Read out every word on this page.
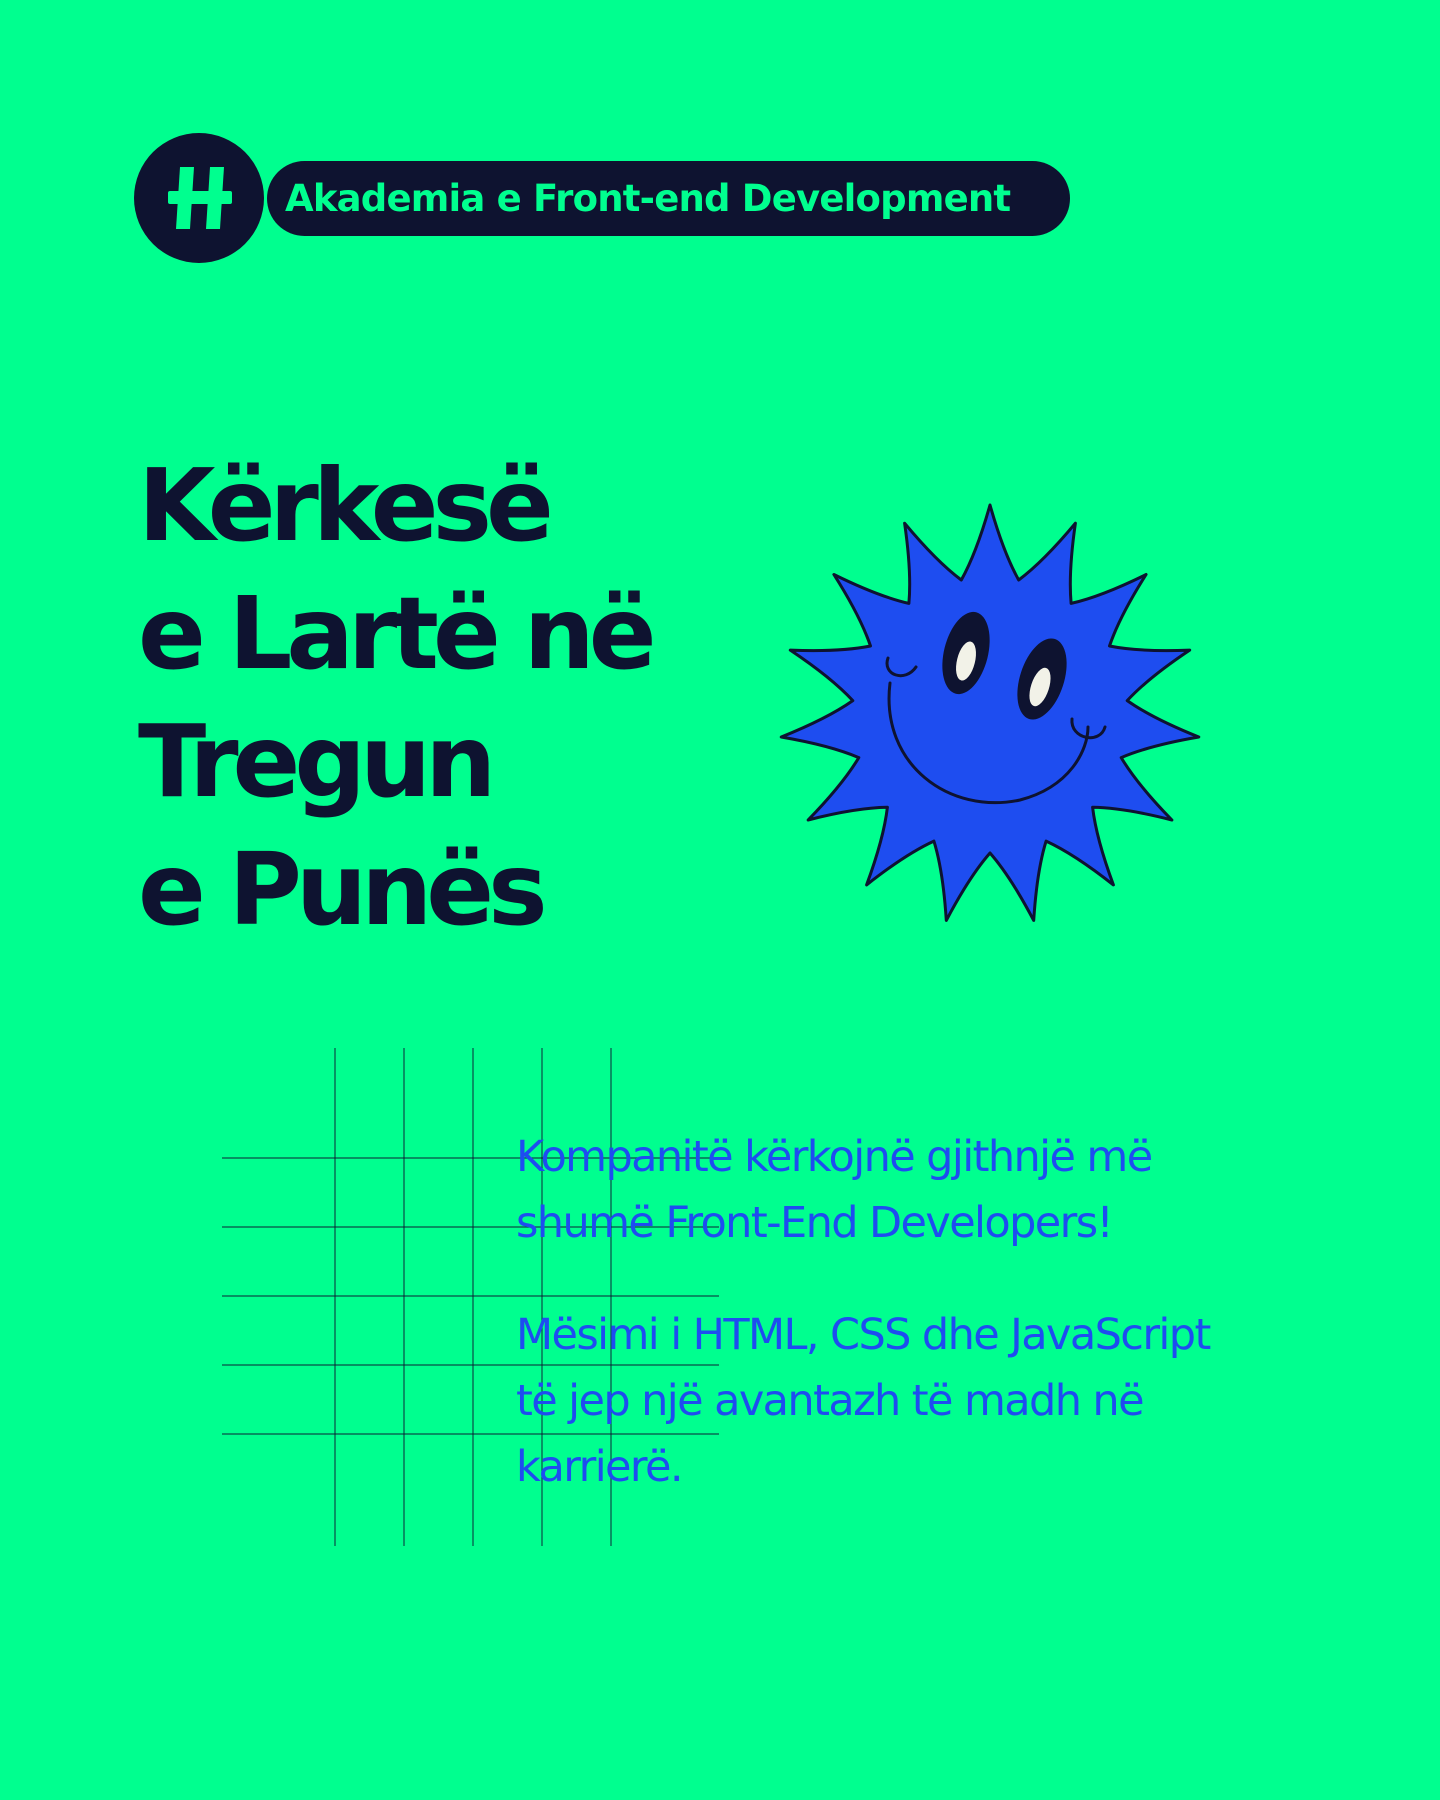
Akademia e Front-end Development
Kërkesë
e Lartë në
Tregun
e Punës

Kompanitë kërkojnë gjithnjë më
shumë Front-End Developers!

Mësimi i HTML, CSS dhe JavaScript
të jep një avantazh të madh në
karrierë.
